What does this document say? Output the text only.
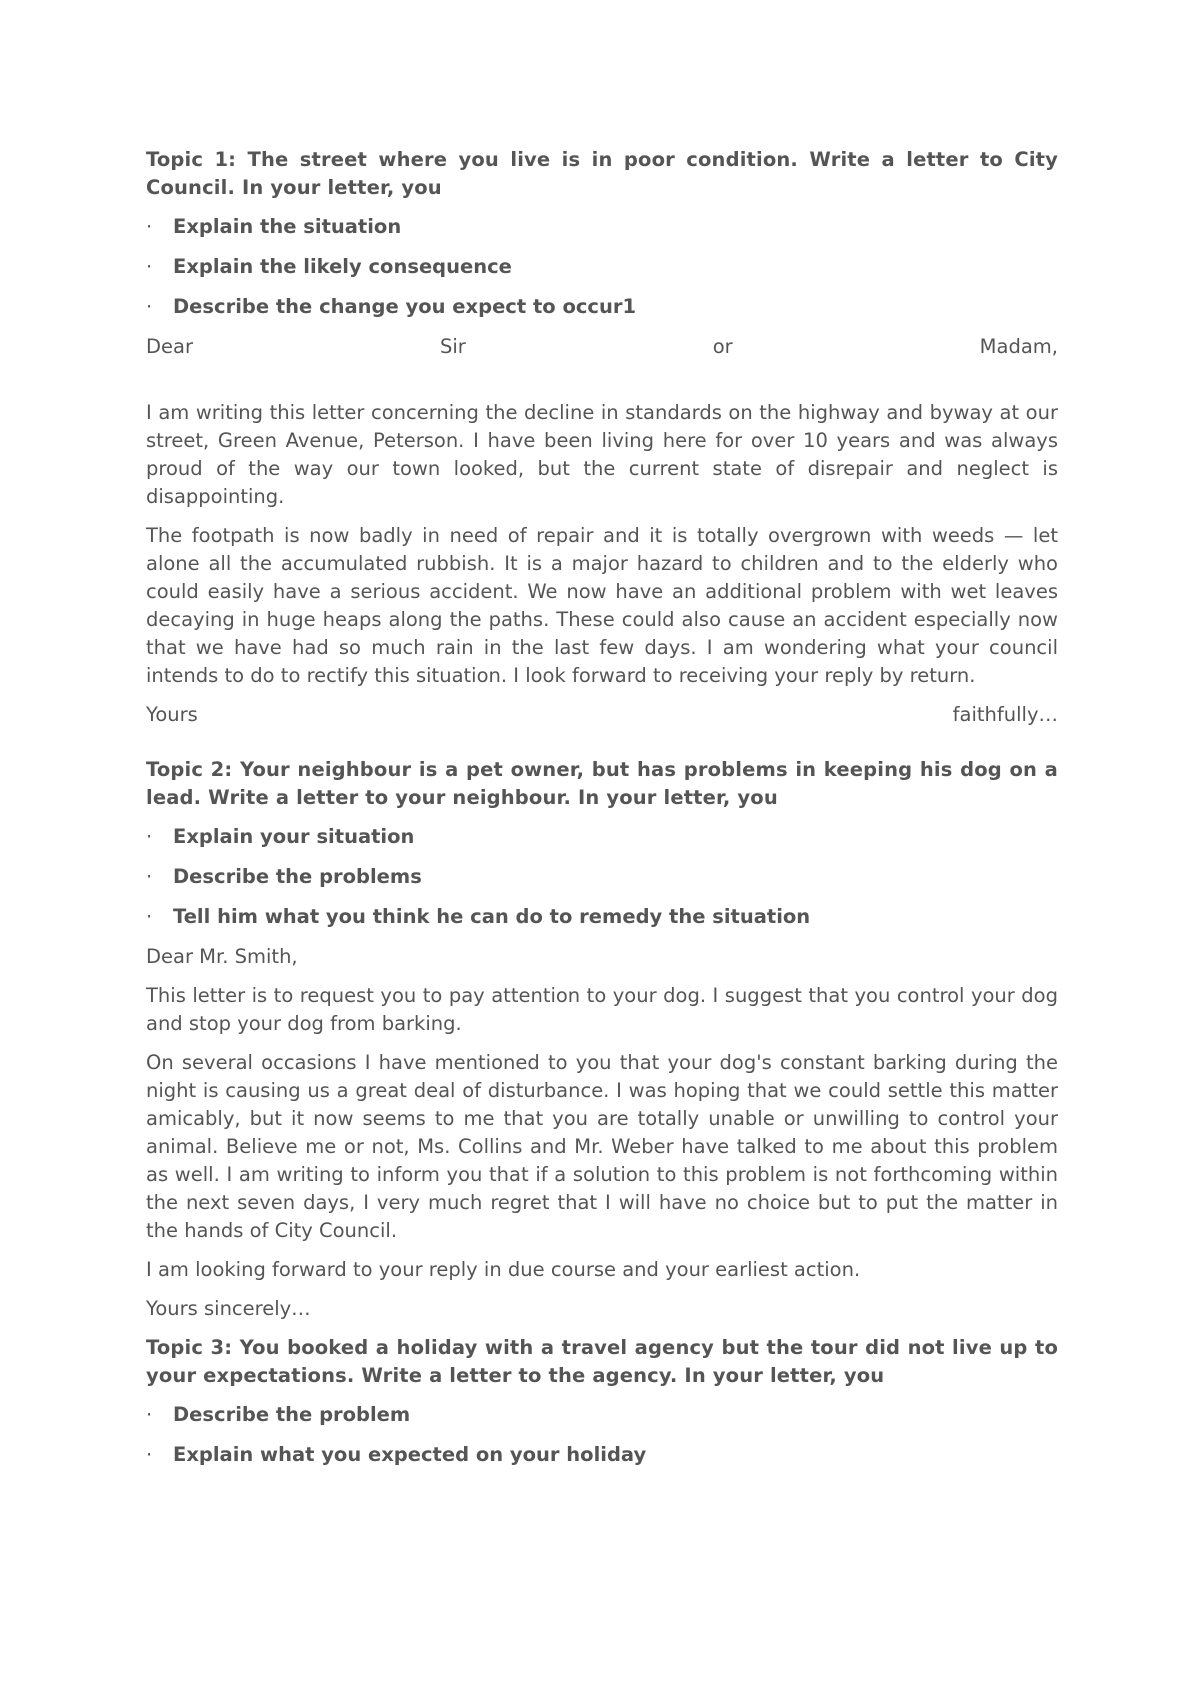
Topic 1: The street where you live is in poor condition. Write a letter to City Council. In your letter, you

·	Explain the situation
·	Explain the likely consequence
·	Describe the change you expect to occur1
Dear	Sir	or	Madam,

I am writing this letter concerning the decline in standards on the highway and byway at our street, Green Avenue, Peterson. I have been living here for over 10 years and was always proud of the way our town looked, but the current state of disrepair and neglect is disappointing.

The footpath is now badly in need of repair and it is totally overgrown with weeds — let alone all the accumulated rubbish. It is a major hazard to children and to the elderly who could easily have a serious accident. We now have an additional problem with wet leaves decaying in huge heaps along the paths. These could also cause an accident especially now that we have had so much rain in the last few days. I am wondering what your council intends to do to rectify this situation. I look forward to receiving your reply by return.

Yours	faithfully…

Topic 2: Your neighbour is a pet owner, but has problems in keeping his dog on a lead. Write a letter to your neighbour. In your letter, you

·	Explain your situation
·	Describe the problems
·	Tell him what you think he can do to remedy the situation

Dear Mr. Smith,

This letter is to request you to pay attention to your dog. I suggest that you control your dog and stop your dog from barking.

On several occasions I have mentioned to you that your dog's constant barking during the night is causing us a great deal of disturbance. I was hoping that we could settle this matter amicably, but it now seems to me that you are totally unable or unwilling to control your animal. Believe me or not, Ms. Collins and Mr. Weber have talked to me about this problem as well. I am writing to inform you that if a solution to this problem is not forthcoming within the next seven days, I very much regret that I will have no choice but to put the matter in the hands of City Council.

I am looking forward to your reply in due course and your earliest action.

Yours sincerely…

Topic 3: You booked a holiday with a travel agency but the tour did not live up to your expectations. Write a letter to the agency. In your letter, you

·	Describe the problem
·	Explain what you expected on your holiday
